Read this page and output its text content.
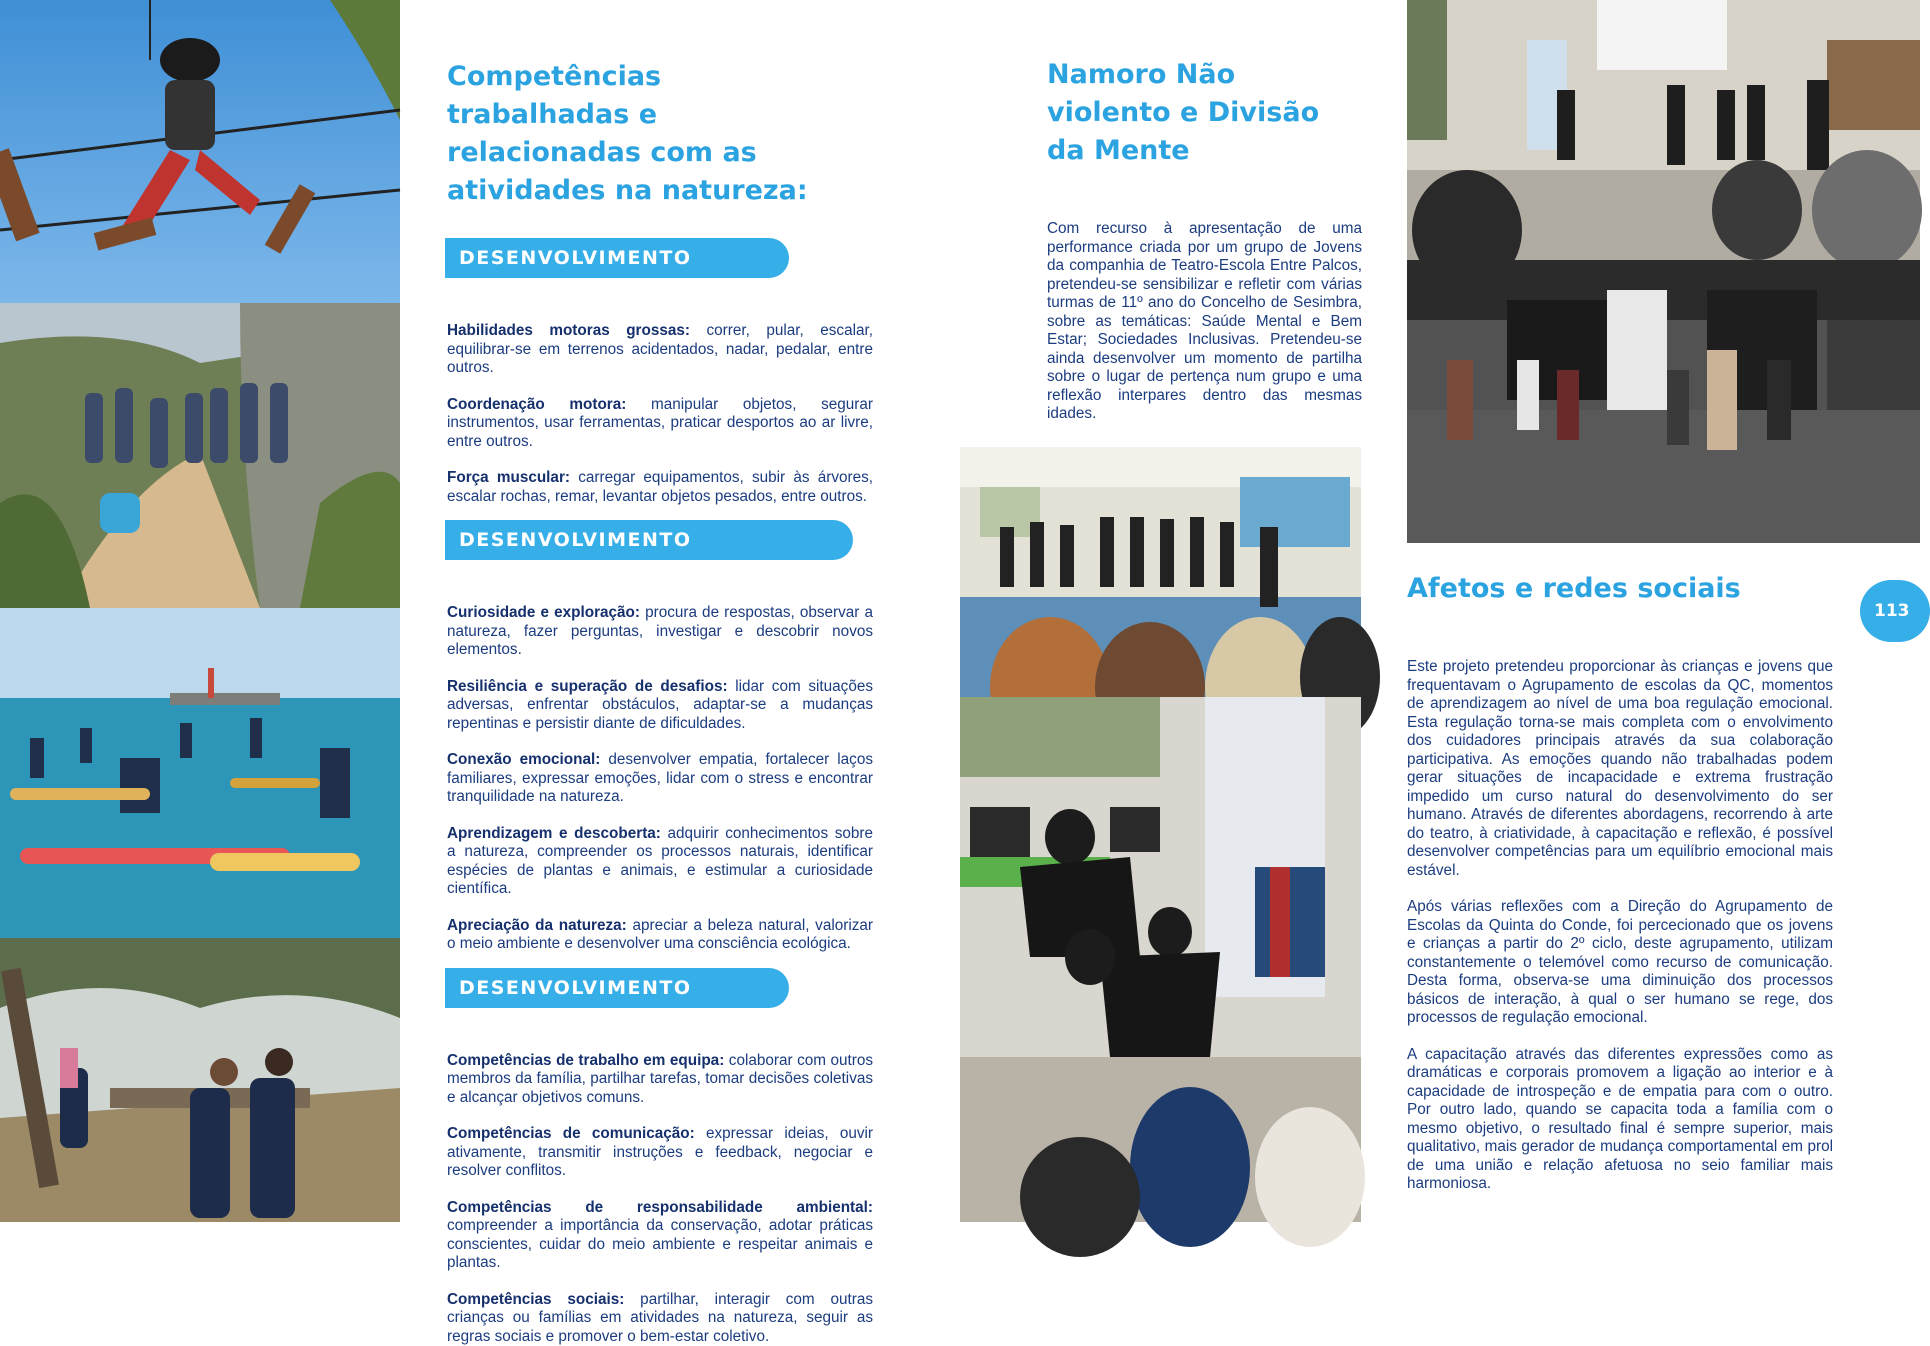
Competências trabalhadas e relacionadas com as atividades na natureza:
DESENVOLVIMENTO MOTOR

Habilidades motoras grossas: correr, pular, escalar, equilibrar-se em terrenos acidentados, nadar, pedalar, entre outros.

Coordenação motora: manipular objetos, segurar instrumentos, usar ferramentas, praticar desportos ao ar livre, entre outros.

Força muscular: carregar equipamentos, subir às árvores, escalar rochas, remar, levantar objetos pesados, entre outros.

DESENVOLVIMENTO PSICOLÓGICO

Curiosidade e exploração: procura de respostas, observar a natureza, fazer perguntas, investigar e descobrir novos elementos.

Resiliência e superação de desafios: lidar com situações adversas, enfrentar obstáculos, adaptar-se a mudanças repentinas e persistir diante de dificuldades.

Conexão emocional: desenvolver empatia, fortalecer laços familiares, expressar emoções, lidar com o stress e encontrar tranquilidade na natureza.

Aprendizagem e descoberta: adquirir conhecimentos sobre a natureza, compreender os processos naturais, identificar espécies de plantas e animais, e estimular a curiosidade científica.

Apreciação da natureza: apreciar a beleza natural, valorizar o meio ambiente e desenvolver uma consciência ecológica.

DESENVOLVIMENTO SOCIAL

Competências de trabalho em equipa: colaborar com outros membros da família, partilhar tarefas, tomar decisões coletivas e alcançar objetivos comuns.

Competências de comunicação: expressar ideias, ouvir ativamente, transmitir instruções e feedback, negociar e resolver conflitos.

Competências de responsabilidade ambiental: compreender a importância da conservação, adotar práticas conscientes, cuidar do meio ambiente e respeitar animais e plantas.

Competências sociais: partilhar, interagir com outras crianças ou famílias em atividades na natureza, seguir as regras sociais e promover o bem-estar coletivo.

Namoro Não violento e Divisão da Mente

Com recurso à apresentação de uma performance criada por um grupo de Jovens da companhia de Teatro-Escola Entre Palcos, pretendeu-se sensibilizar e refletir com várias turmas de 11º ano do Concelho de Sesimbra, sobre as temáticas: Saúde Mental e Bem Estar; Sociedades Inclusivas. Pretendeu-se ainda desenvolver um momento de partilha sobre o lugar de pertença num grupo e uma reflexão interpares dentro das mesmas idades.

Afetos e redes sociais

Este projeto pretendeu proporcionar às crianças e jovens que frequentavam o Agrupamento de escolas da QC, momentos de aprendizagem ao nível de uma boa regulação emocional. Esta regulação torna-se mais completa com o envolvimento dos cuidadores principais através da sua colaboração participativa. As emoções quando não trabalhadas podem gerar situações de incapacidade e extrema frustração impedido um curso natural do desenvolvimento do ser humano. Através de diferentes abordagens, recorrendo à arte do teatro, à criatividade, à capacitação e reflexão, é possível desenvolver competências para um equilíbrio emocional mais estável.

Após várias reflexões com a Direção do Agrupamento de Escolas da Quinta do Conde, foi percecionado que os jovens e crianças a partir do 2º ciclo, deste agrupamento, utilizam constantemente o telemóvel como recurso de comunicação. Desta forma, observa-se uma diminuição dos processos básicos de interação, à qual o ser humano se rege, dos processos de regulação emocional.

A capacitação através das diferentes expressões como as dramáticas e corporais promovem a ligação ao interior e à capacidade de introspeção e de empatia para com o outro. Por outro lado, quando se capacita toda a família com o mesmo objetivo, o resultado final é sempre superior, mais qualitativo, mais gerador de mudança comportamental em prol de uma união e relação afetuosa no seio familiar mais harmoniosa.

113
